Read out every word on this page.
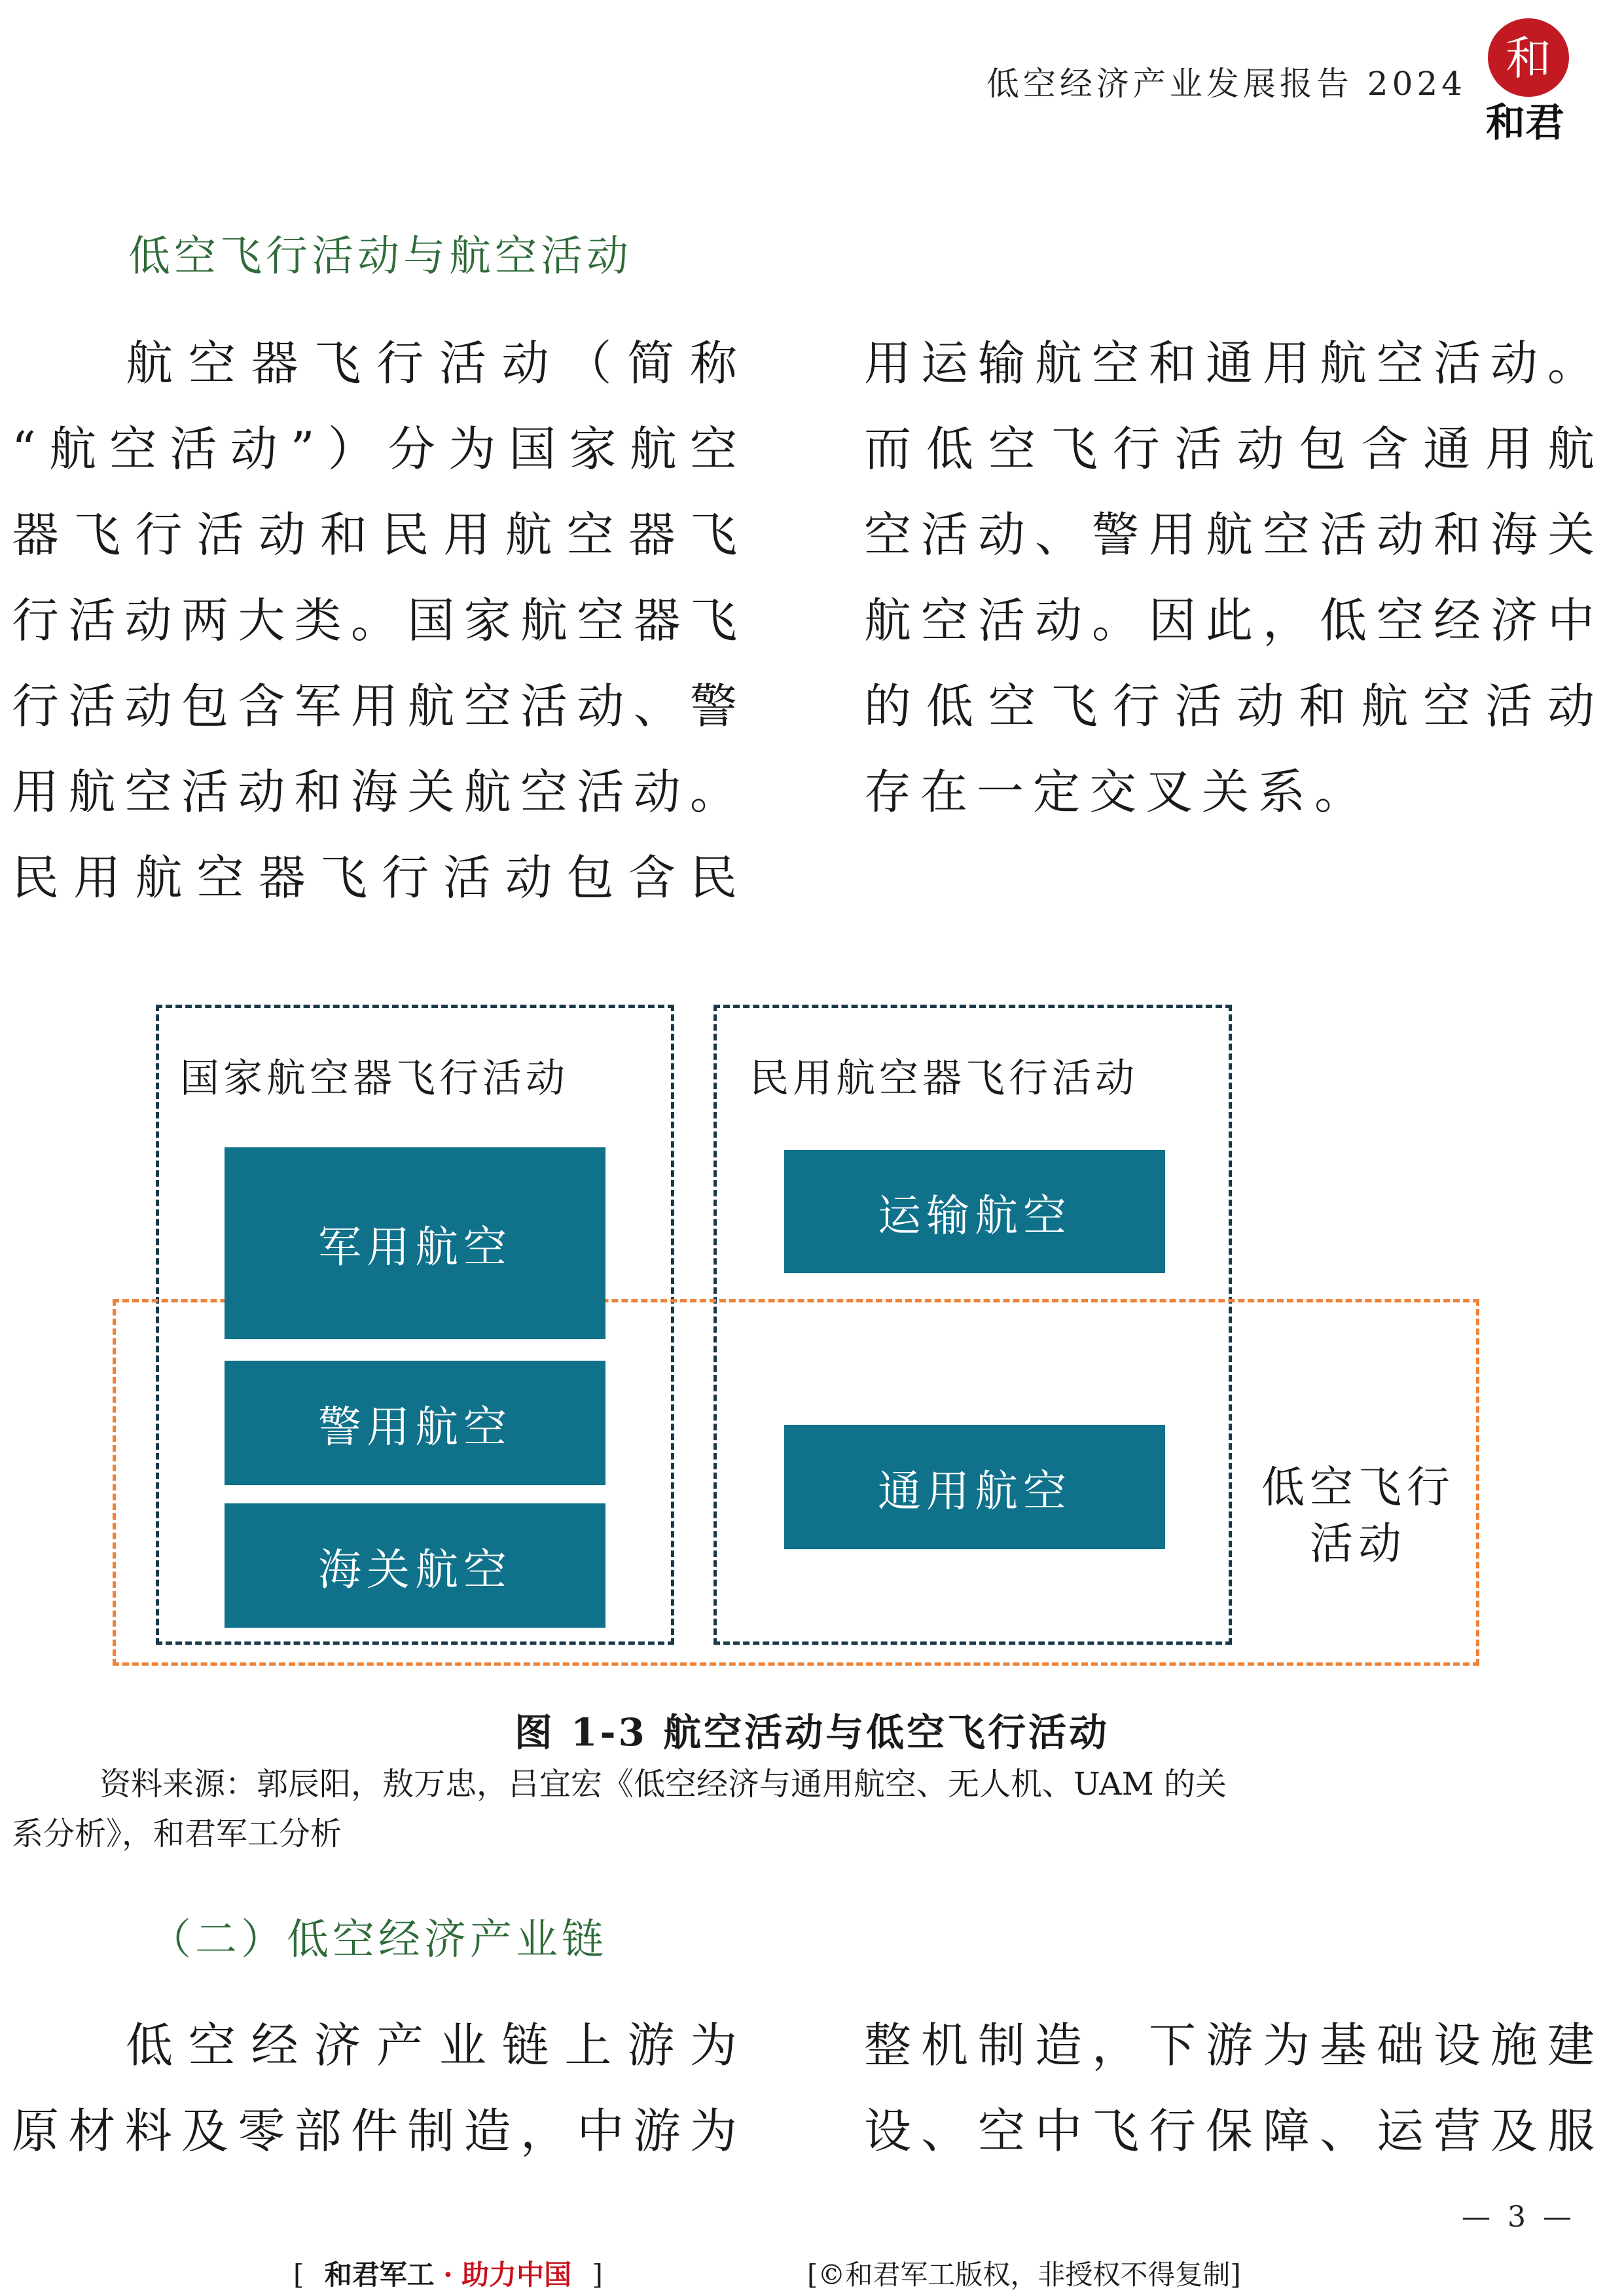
低空经济产业发展报告 2024 和
和君
低空飞行活动与航空活动
航空器飞行活动（简称
“航空活动”）分为国家航空
器飞行活动和民用航空器飞
行活动两大类。国家航空器飞
行活动包含军用航空活动、警
用航空活动和海关航空活动。
民用航空器飞行活动包含民
用运输航空和通用航空活动。
而低空飞行活动包含通用航
空活动、警用航空活动和海关
航空活动。因此，低空经济中
的低空飞行活动和航空活动
存在一定交叉关系。
国家航空器飞行活动	民用航空器飞行活动
军用航空
警用航空
海关航空
运输航空
通用航空	低空飞行
活动
图 1-3 航空活动与低空飞行活动
资料来源：郭辰阳，敖万忠，吕宜宏《低空经济与通用航空、无人机、UAM 的关
系分析》，和君军工分析
（二）低空经济产业链
低空经济产业链上游为
原材料及零部件制造，中游为
整机制造，下游为基础设施建
设、空中飞行保障、运营及服
— 3 —
[ 和君军工 · 助力中国 ]	[©和君军工版权，非授权不得复制]
